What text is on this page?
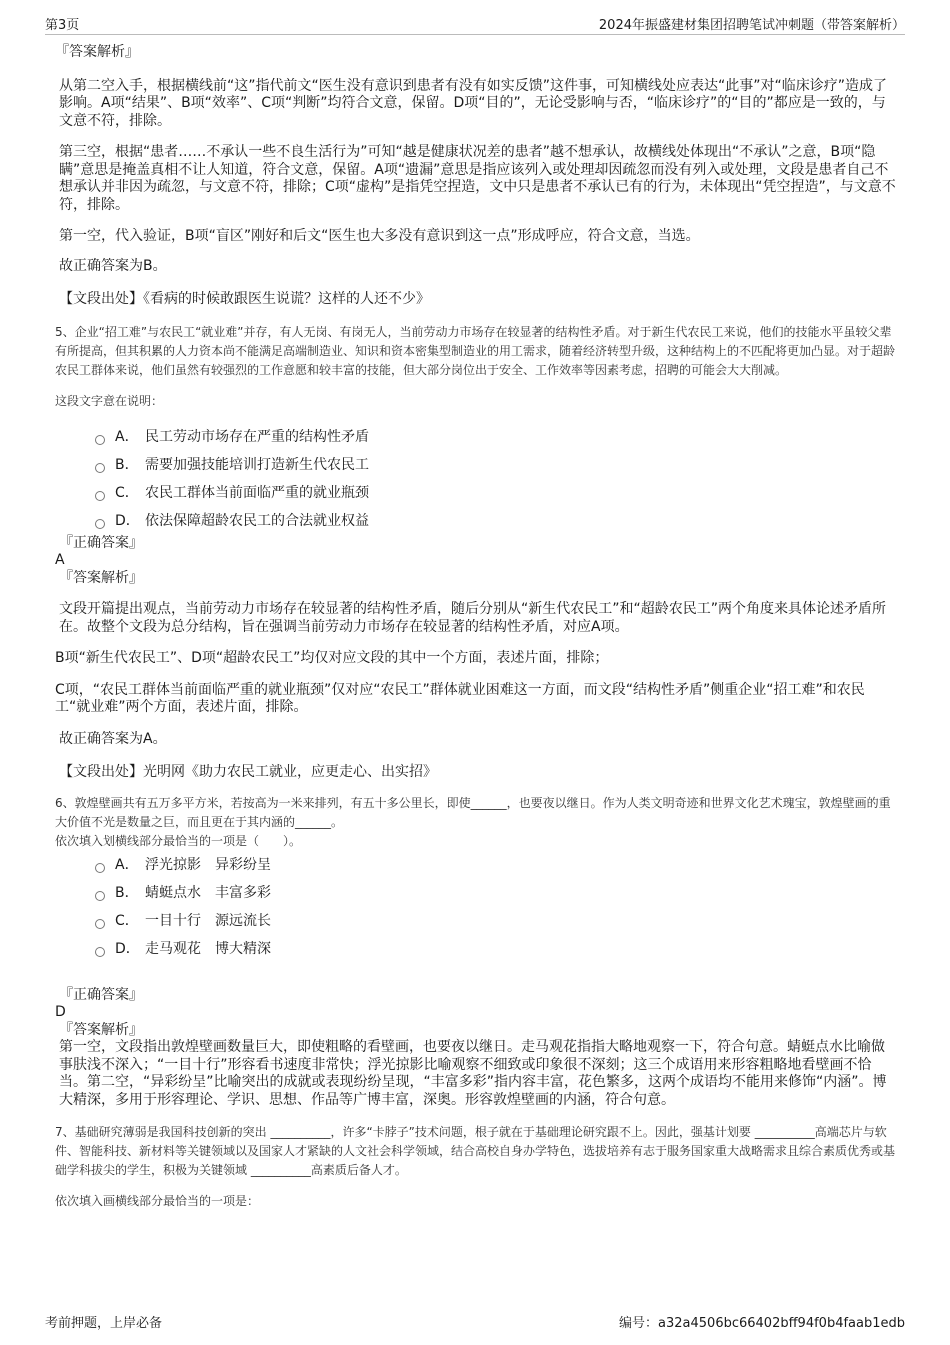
第3页	2024年振盛建材集团招聘笔试冲刺题（带答案解析）

『答案解析』

从第二空入手，根据横线前“这”指代前文“医生没有意识到患者有没有如实反馈”这件事，可知横线处应表达“此事”对“临床诊疗”造成了影响。A项“结果”、B项“效率”、C项“判断”均符合文意，保留。D项“目的”，无论受影响与否，“临床诊疗”的“目的”都应是一致的，与文意不符，排除。

第三空，根据“患者……不承认一些不良生活行为”可知“越是健康状况差的患者”越不想承认，故横线处体现出“不承认”之意，B项“隐瞒”意思是掩盖真相不让人知道，符合文意，保留。A项“遗漏”意思是指应该列入或处理却因疏忽而没有列入或处理，文段是患者自己不想承认并非因为疏忽，与文意不符，排除；C项“虚构”是指凭空捏造，文中只是患者不承认已有的行为，未体现出“凭空捏造”，与文意不符，排除。

第一空，代入验证，B项“盲区”刚好和后文“医生也大多没有意识到这一点”形成呼应，符合文意，当选。

故正确答案为B。

【文段出处】《看病的时候敢跟医生说谎？这样的人还不少》

5、企业“招工难”与农民工“就业难”并存，有人无岗、有岗无人，当前劳动力市场存在较显著的结构性矛盾。对于新生代农民工来说，他们的技能水平虽较父辈有所提高，但其积累的人力资本尚不能满足高端制造业、知识和资本密集型制造业的用工需求，随着经济转型升级，这种结构上的不匹配将更加凸显。对于超龄农民工群体来说，他们虽然有较强烈的工作意愿和较丰富的技能，但大部分岗位出于安全、工作效率等因素考虑，招聘的可能会大大削减。

这段文字意在说明：

A． 民工劳动市场存在严重的结构性矛盾
B． 需要加强技能培训打造新生代农民工
C． 农民工群体当前面临严重的就业瓶颈
D． 依法保障超龄农民工的合法就业权益

『正确答案』

A

『答案解析』

文段开篇提出观点，当前劳动力市场存在较显著的结构性矛盾，随后分别从“新生代农民工”和“超龄农民工”两个角度来具体论述矛盾所在。故整个文段为总分结构，旨在强调当前劳动力市场存在较显著的结构性矛盾，对应A项。

B项“新生代农民工”、D项“超龄农民工”均仅对应文段的其中一个方面，表述片面，排除；

C项，“农民工群体当前面临严重的就业瓶颈”仅对应“农民工”群体就业困难这一方面，而文段“结构性矛盾”侧重企业“招工难”和农民工“就业难”两个方面，表述片面，排除。

故正确答案为A。

【文段出处】光明网《助力农民工就业，应更走心、出实招》

6、敦煌壁画共有五万多平方米，若按高为一米来排列，有五十多公里长，即使______，也要夜以继日。作为人类文明奇迹和世界文化艺术瑰宝，敦煌壁画的重大价值不光是数量之巨，而且更在于其内涵的______。

依次填入划横线部分最恰当的一项是（　　）。

A． 浮光掠影　异彩纷呈
B． 蜻蜓点水　丰富多彩
C． 一目十行　源远流长
D． 走马观花　博大精深

『正确答案』

D

『答案解析』

第一空，文段指出敦煌壁画数量巨大，即使粗略的看壁画，也要夜以继日。走马观花指指大略地观察一下，符合句意。蜻蜓点水比喻做事肤浅不深入；“一目十行”形容看书速度非常快；浮光掠影比喻观察不细致或印象很不深刻；这三个成语用来形容粗略地看壁画不恰当。第二空，“异彩纷呈”比喻突出的成就或表现纷纷呈现，“丰富多彩”指内容丰富，花色繁多，这两个成语均不能用来修饰“内涵”。博大精深，多用于形容理论、学识、思想、作品等广博丰富，深奥。形容敦煌壁画的内涵，符合句意。

7、基础研究薄弱是我国科技创新的突出 __________，许多“卡脖子”技术问题，根子就在于基础理论研究跟不上。因此，强基计划要 __________高端芯片与软件、智能科技、新材料等关键领域以及国家人才紧缺的人文社会科学领域，结合高校自身办学特色，选拔培养有志于服务国家重大战略需求且综合素质优秀或基础学科拔尖的学生，积极为关键领域 __________高素质后备人才。

依次填入画横线部分最恰当的一项是：

考前押题，上岸必备	编号：a32a4506bc66402bff94f0b4faab1edb
